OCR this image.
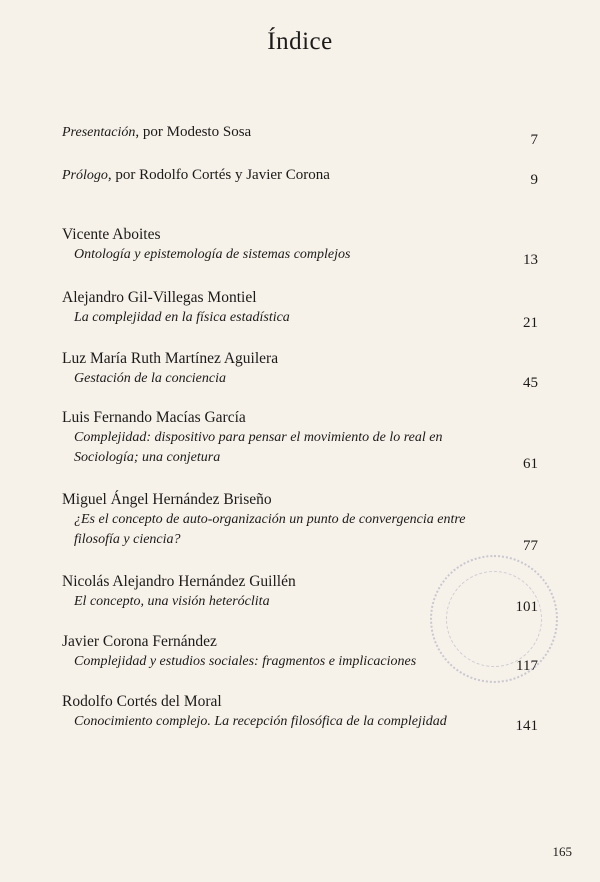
Índice
Presentación, por Modesto Sosa	7
Prólogo, por Rodolfo Cortés y Javier Corona	9
Vicente Aboites
Ontología y epistemología de sistemas complejos	13
Alejandro Gil-Villegas Montiel
La complejidad en la física estadística	21
Luz María Ruth Martínez Aguilera
Gestación de la conciencia	45
Luis Fernando Macías García
Complejidad: dispositivo para pensar el movimiento de lo real en Sociología; una conjetura	61
Miguel Ángel Hernández Briseño
¿Es el concepto de auto-organización un punto de convergencia entre filosofía y ciencia?	77
Nicolás Alejandro Hernández Guillén
El concepto, una visión heteróclita	101
Javier Corona Fernández
Complejidad y estudios sociales: fragmentos e implicaciones	117
Rodolfo Cortés del Moral
Conocimiento complejo. La recepción filosófica de la complejidad	141
165
